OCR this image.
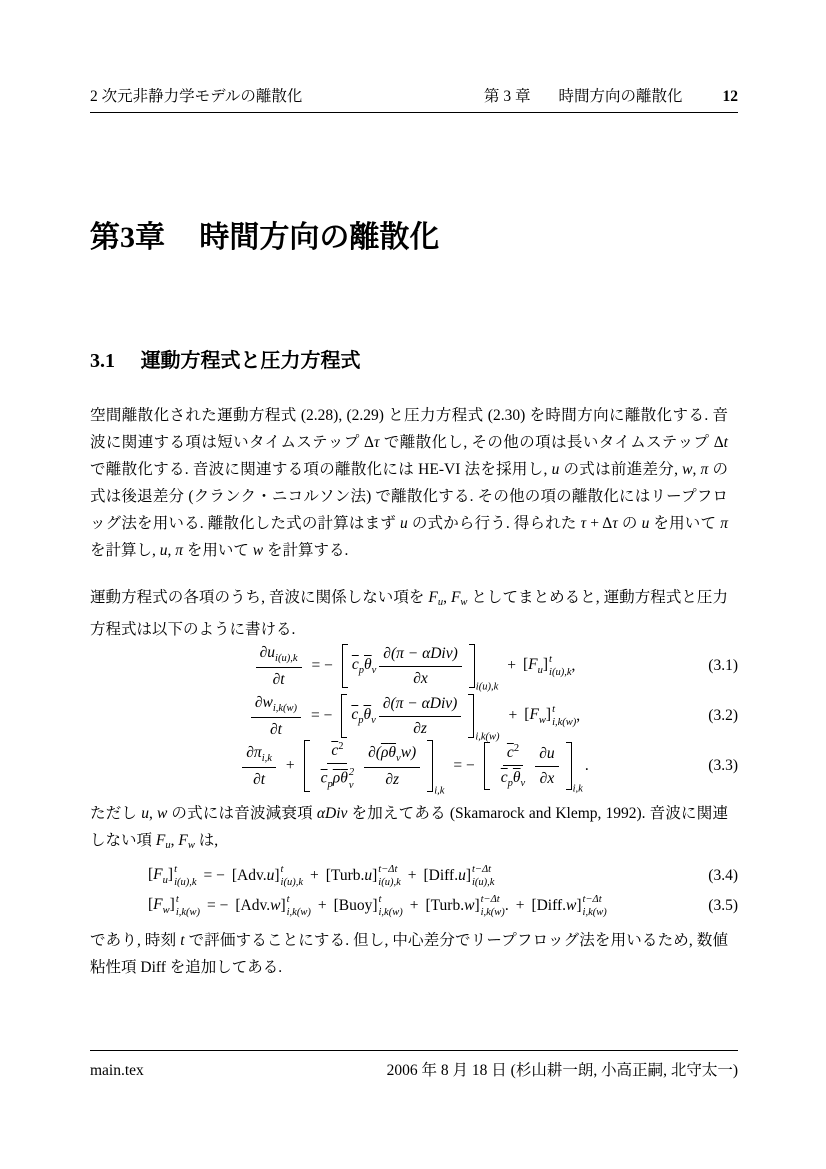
2 次元非静力学モデルの離散化	第 3 章 時間方向の離散化	12
第3章 時間方向の離散化
3.1 運動方程式と圧力方程式
空間離散化された運動方程式 (2.28), (2.29) と圧力方程式 (2.30) を時間方向に離散化する. 音波に関連する項は短いタイムステップ Δτ で離散化し, その他の項は長いタイムステップ Δt で離散化する. 音波に関連する項の離散化には HE-VI 法を採用し, u の式は前進差分, w, π の式は後退差分 (クランク・ニコルソン法) で離散化する. その他の項の離散化にはリープフロッグ法を用いる. 離散化した式の計算はまず u の式から行う. 得られた τ + Δτ の u を用いて π を計算し, u, π を用いて w を計算する.
運動方程式の各項のうち, 音波に関係しない項を Fu, Fw としてまとめると, 運動方程式と圧力方程式は以下のように書ける.
ただし u, w の式には音波減衰項 αDiv を加えてある (Skamarock and Klemp, 1992). 音波に関連しない項 Fu, Fw は,
であり, 時刻 t で評価することにする. 但し, 中心差分でリープフロッグ法を用いるため, 数値粘性項 Diff を追加してある.
$\frac{\partial u_{i(u),k}}{\partial t}$ = − $\overline{c}_p$ $\overline{\theta}_v \frac{\text{∂(π − αDiv)}}{\partial x} i(u),k$
+ $[F_u]$ t
i(u),k ,	(3.1)
$\frac{\partial w_{i,k(w)}}{\partial t}$ = − $\overline{c}_p$ $\overline{\theta}_v \frac{\text{∂(π − αDiv)}}{\partial z} i,k(w)$
+ $[F_w]$ t
i,k(w) ,	(3.2)
$\frac{\partial\pi_{i,k}}{\partial t} + \overline{c}^2$
$\overline{c}_p\overline{\rho}\overline{\theta}$ 2
v $\frac{\partial(\overline{\rho}\overline{\theta}_vw)}{\partial z}$
i,k
= − $\frac{\overline{c}^2}{\overline{c}_p\overline{\theta}_v} \frac{\partial u}{\partial x}$
i,k
.	(3.3)
$[F_u]$ t
i(u),k = − [Adv.u] t
i(u),k + [Turb.u] t−Δt
i(u),k + [Diff.u] t−Δt
i(u),k	(3.4)
$[F_w]$ t
i,k(w) = − [Adv.w] t
i,k(w) + [Buoy] t
i,k(w) + [Turb.w] t−Δt
i,k(w) . + [Diff.w] t−Δt
i,k(w)	(3.5)
main.tex	2006 年 8 月 18 日 (杉山耕一朗, 小高正嗣, 北守太一)
